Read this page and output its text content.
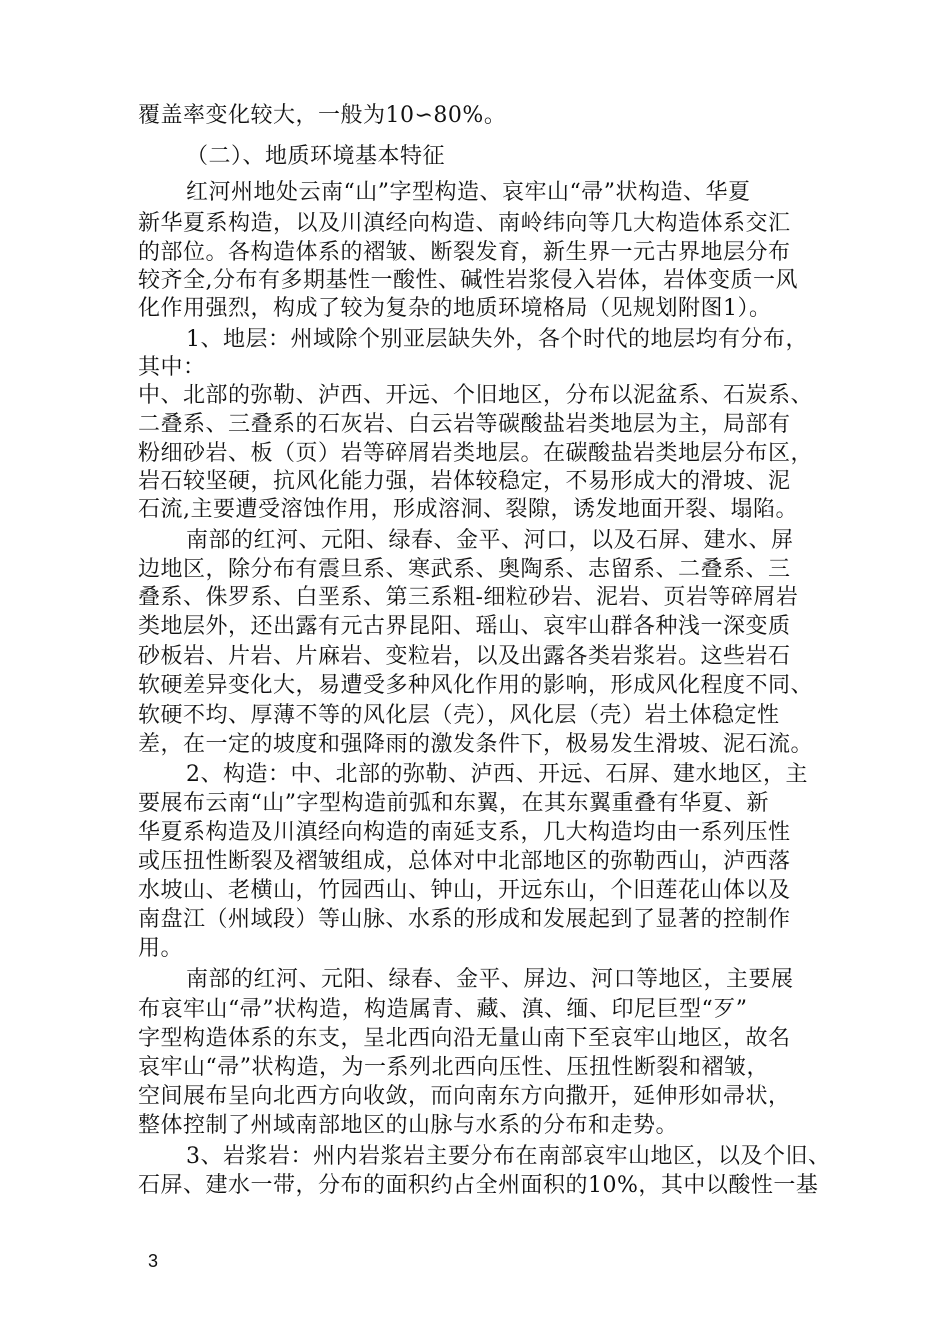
覆盖率变化较大，一般为10∽80%。
（二）、地质环境基本特征
红河州地处云南“山”字型构造、哀牢山“帚”状构造、华夏
新华夏系构造，以及川滇经向构造、南岭纬向等几大构造体系交汇
的部位。各构造体系的褶皱、断裂发育，新生界一元古界地层分布
较齐全,分布有多期基性一酸性、碱性岩浆侵入岩体，岩体变质一风
化作用强烈，构成了较为复杂的地质环境格局（见规划附图1）。
1、地层：州域除个别亚层缺失外，各个时代的地层均有分布，
其中：
中、北部的弥勒、泸西、开远、个旧地区，分布以泥盆系、石炭系、
二叠系、三叠系的石灰岩、白云岩等碳酸盐岩类地层为主，局部有
粉细砂岩、板（页）岩等碎屑岩类地层。在碳酸盐岩类地层分布区，
岩石较坚硬，抗风化能力强，岩体较稳定，不易形成大的滑坡、泥
石流,主要遭受溶蚀作用，形成溶洞、裂隙，诱发地面开裂、塌陷。
南部的红河、元阳、绿春、金平、河口，以及石屏、建水、屏
边地区，除分布有震旦系、寒武系、奥陶系、志留系、二叠系、三
叠系、侏罗系、白垩系、第三系粗-细粒砂岩、泥岩、页岩等碎屑岩
类地层外，还出露有元古界昆阳、瑶山、哀牢山群各种浅一深变质
砂板岩、片岩、片麻岩、变粒岩，以及出露各类岩浆岩。这些岩石
软硬差异变化大，易遭受多种风化作用的影响，形成风化程度不同、
软硬不均、厚薄不等的风化层（壳），风化层（壳）岩土体稳定性
差，在一定的坡度和强降雨的激发条件下，极易发生滑坡、泥石流。
2、构造：中、北部的弥勒、泸西、开远、石屏、建水地区，主
要展布云南“山”字型构造前弧和东翼，在其东翼重叠有华夏、新
华夏系构造及川滇经向构造的南延支系，几大构造均由一系列压性
或压扭性断裂及褶皱组成，总体对中北部地区的弥勒西山，泸西落
水坡山、老横山，竹园西山、钟山，开远东山，个旧莲花山体以及
南盘江（州域段）等山脉、水系的形成和发展起到了显著的控制作
用。
南部的红河、元阳、绿春、金平、屏边、河口等地区，主要展
布哀牢山“帚”状构造，构造属青、藏、滇、缅、印尼巨型“歹”
字型构造体系的东支，呈北西向沿无量山南下至哀牢山地区，故名
哀牢山“帚”状构造，为一系列北西向压性、压扭性断裂和褶皱，
空间展布呈向北西方向收敛，而向南东方向撒开，延伸形如帚状，
整体控制了州域南部地区的山脉与水系的分布和走势。
3、岩浆岩：州内岩浆岩主要分布在南部哀牢山地区，以及个旧、
石屏、建水一带，分布的面积约占全州面积的10%，其中以酸性一基
3
